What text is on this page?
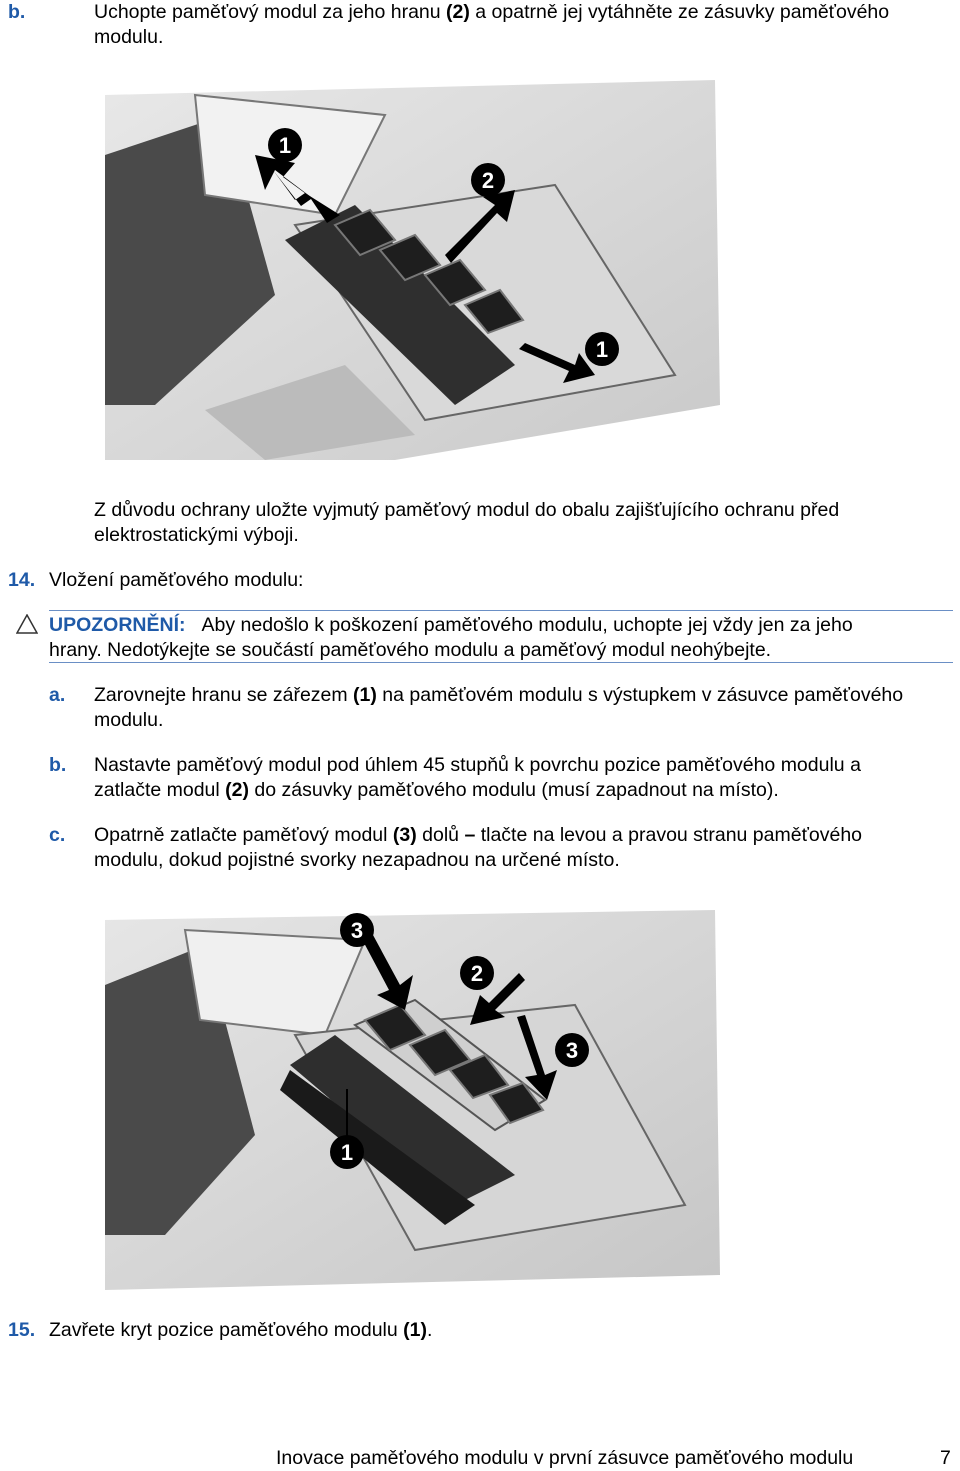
b.	Uchopte paměťový modul za jeho hranu (2) a opatrně jej vytáhněte ze zásuvky paměťového
modulu.
1
2
1
Z důvodu ochrany uložte vyjmutý paměťový modul do obalu zajišťujícího ochranu před
elektrostatickými výboji.
14. Vložení paměťového modulu:
UPOZORNĚNÍ: Aby nedošlo k poškození paměťového modulu, uchopte jej vždy jen za jeho
hrany. Nedotýkejte se součástí paměťového modulu a paměťový modul neohýbejte.
a. Zarovnejte hranu se zářezem (1) na paměťovém modulu s výstupkem v zásuvce paměťového
modulu.
b. Nastavte paměťový modul pod úhlem 45 stupňů k povrchu pozice paměťového modulu a
zatlačte modul (2) do zásuvky paměťového modulu (musí zapadnout na místo).
c. Opatrně zatlačte paměťový modul (3) dolů – tlačte na levou a pravou stranu paměťového
modulu, dokud pojistné svorky nezapadnou na určené místo.
3
2
3
1
15. Zavřete kryt pozice paměťového modulu (1).
Inovace paměťového modulu v první zásuvce paměťového modulu	7
